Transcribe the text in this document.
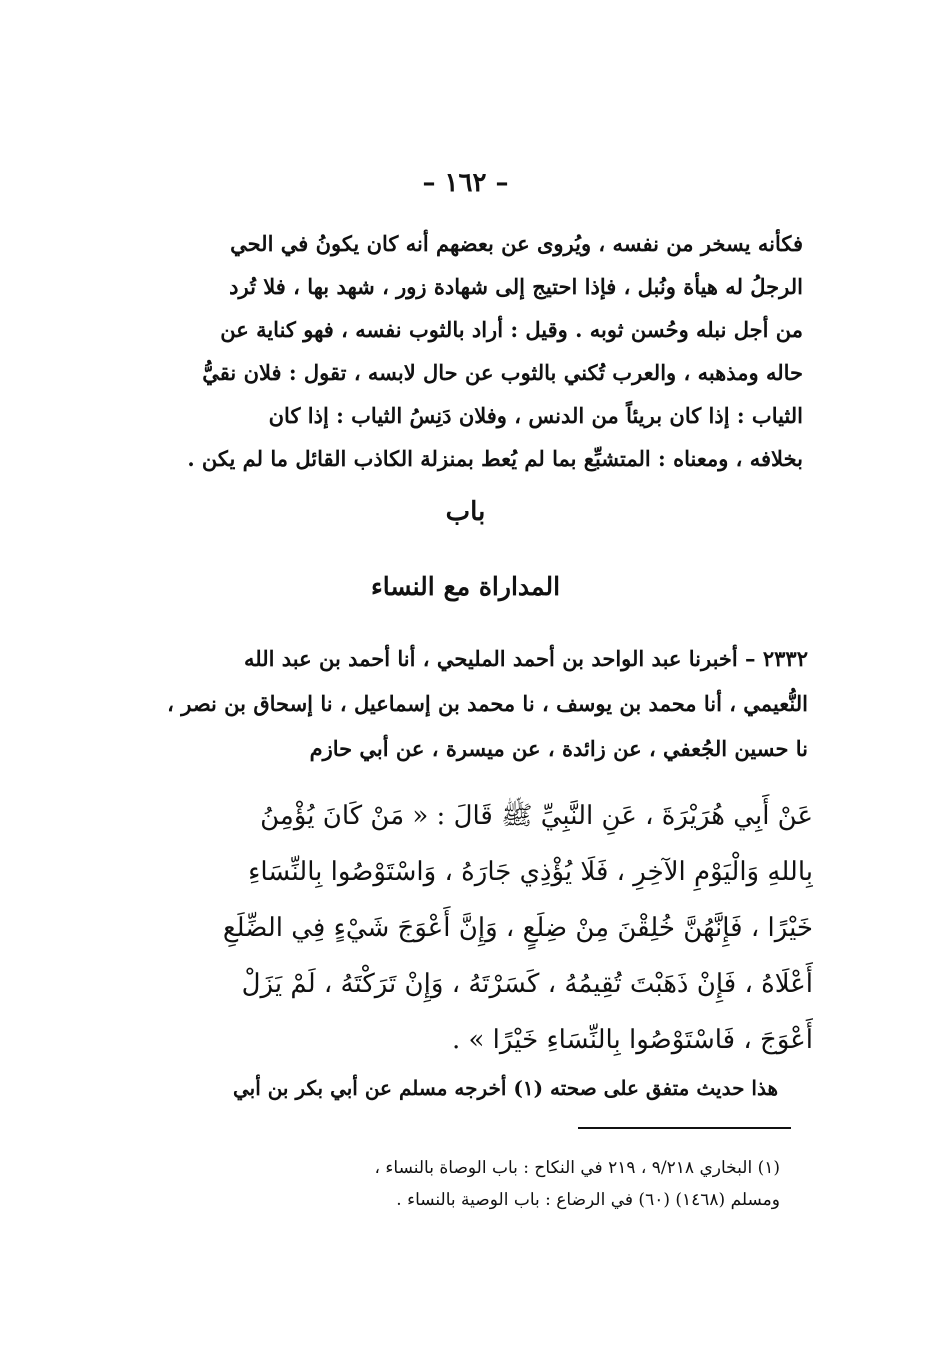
– ١٦٢ –
فكأنه يسخر من نفسه ، ويُروى عن بعضهم أنه كان يكونُ في الحي
الرجلُ له هيأة ونُبل ، فإذا احتيج إلى شهادة زور ، شهد بها ، فلا تُرد
من أجل نبله وحُسن ثوبه . وقيل : أراد بالثوب نفسه ، فهو كناية عن
حاله ومذهبه ، والعرب تُكني بالثوب عن حال لابسه ، تقول : فلان نقيُّ
الثياب : إذا كان بريئاً من الدنس ، وفلان دَنِسُ الثياب : إذا كان
بخلافه ، ومعناه : المتشبِّع بما لم يُعط بمنزلة الكاذب القائل ما لم يكن .
باب
المداراة مع النساء
٢٣٣٢ – أخبرنا عبد الواحد بن أحمد المليحي ، أنا أحمد بن عبد الله
النُّعيمي ، أنا محمد بن يوسف ، نا محمد بن إسماعيل ، نا إسحاق بن نصر ،
نا حسين الجُعفي ، عن زائدة ، عن ميسرة ، عن أبي حازم
عَنْ أَبِي هُرَيْرَةَ ، عَنِ النَّبِيِّ ﷺ قَالَ : « مَنْ كَانَ يُؤْمِنُ
بِاللهِ وَالْيَوْمِ الآخِرِ ، فَلَا يُؤْذِي جَارَهُ ، وَاسْتَوْصُوا بِالنِّسَاءِ
خَيْرًا ، فَإِنَّهُنَّ خُلِقْنَ مِنْ ضِلَعٍ ، وَإِنَّ أَعْوَجَ شَيْءٍ فِي الضِّلَعِ
أَعْلَاهُ ، فَإِنْ ذَهَبْتَ تُقِيمُهُ ، كَسَرْتَهُ ، وَإِنْ تَرَكْتَهُ ، لَمْ يَزَلْ
أَعْوَجَ ، فَاسْتَوْصُوا بِالنِّسَاءِ خَيْرًا » .
هذا حديث متفق على صحته (١) أخرجه مسلم عن أبي بكر بن أبي
(١) البخاري ٩/٢١٨ ، ٢١٩ في النكاح : باب الوصاة بالنساء ،
ومسلم (١٤٦٨) (٦٠) في الرضاع : باب الوصية بالنساء .
